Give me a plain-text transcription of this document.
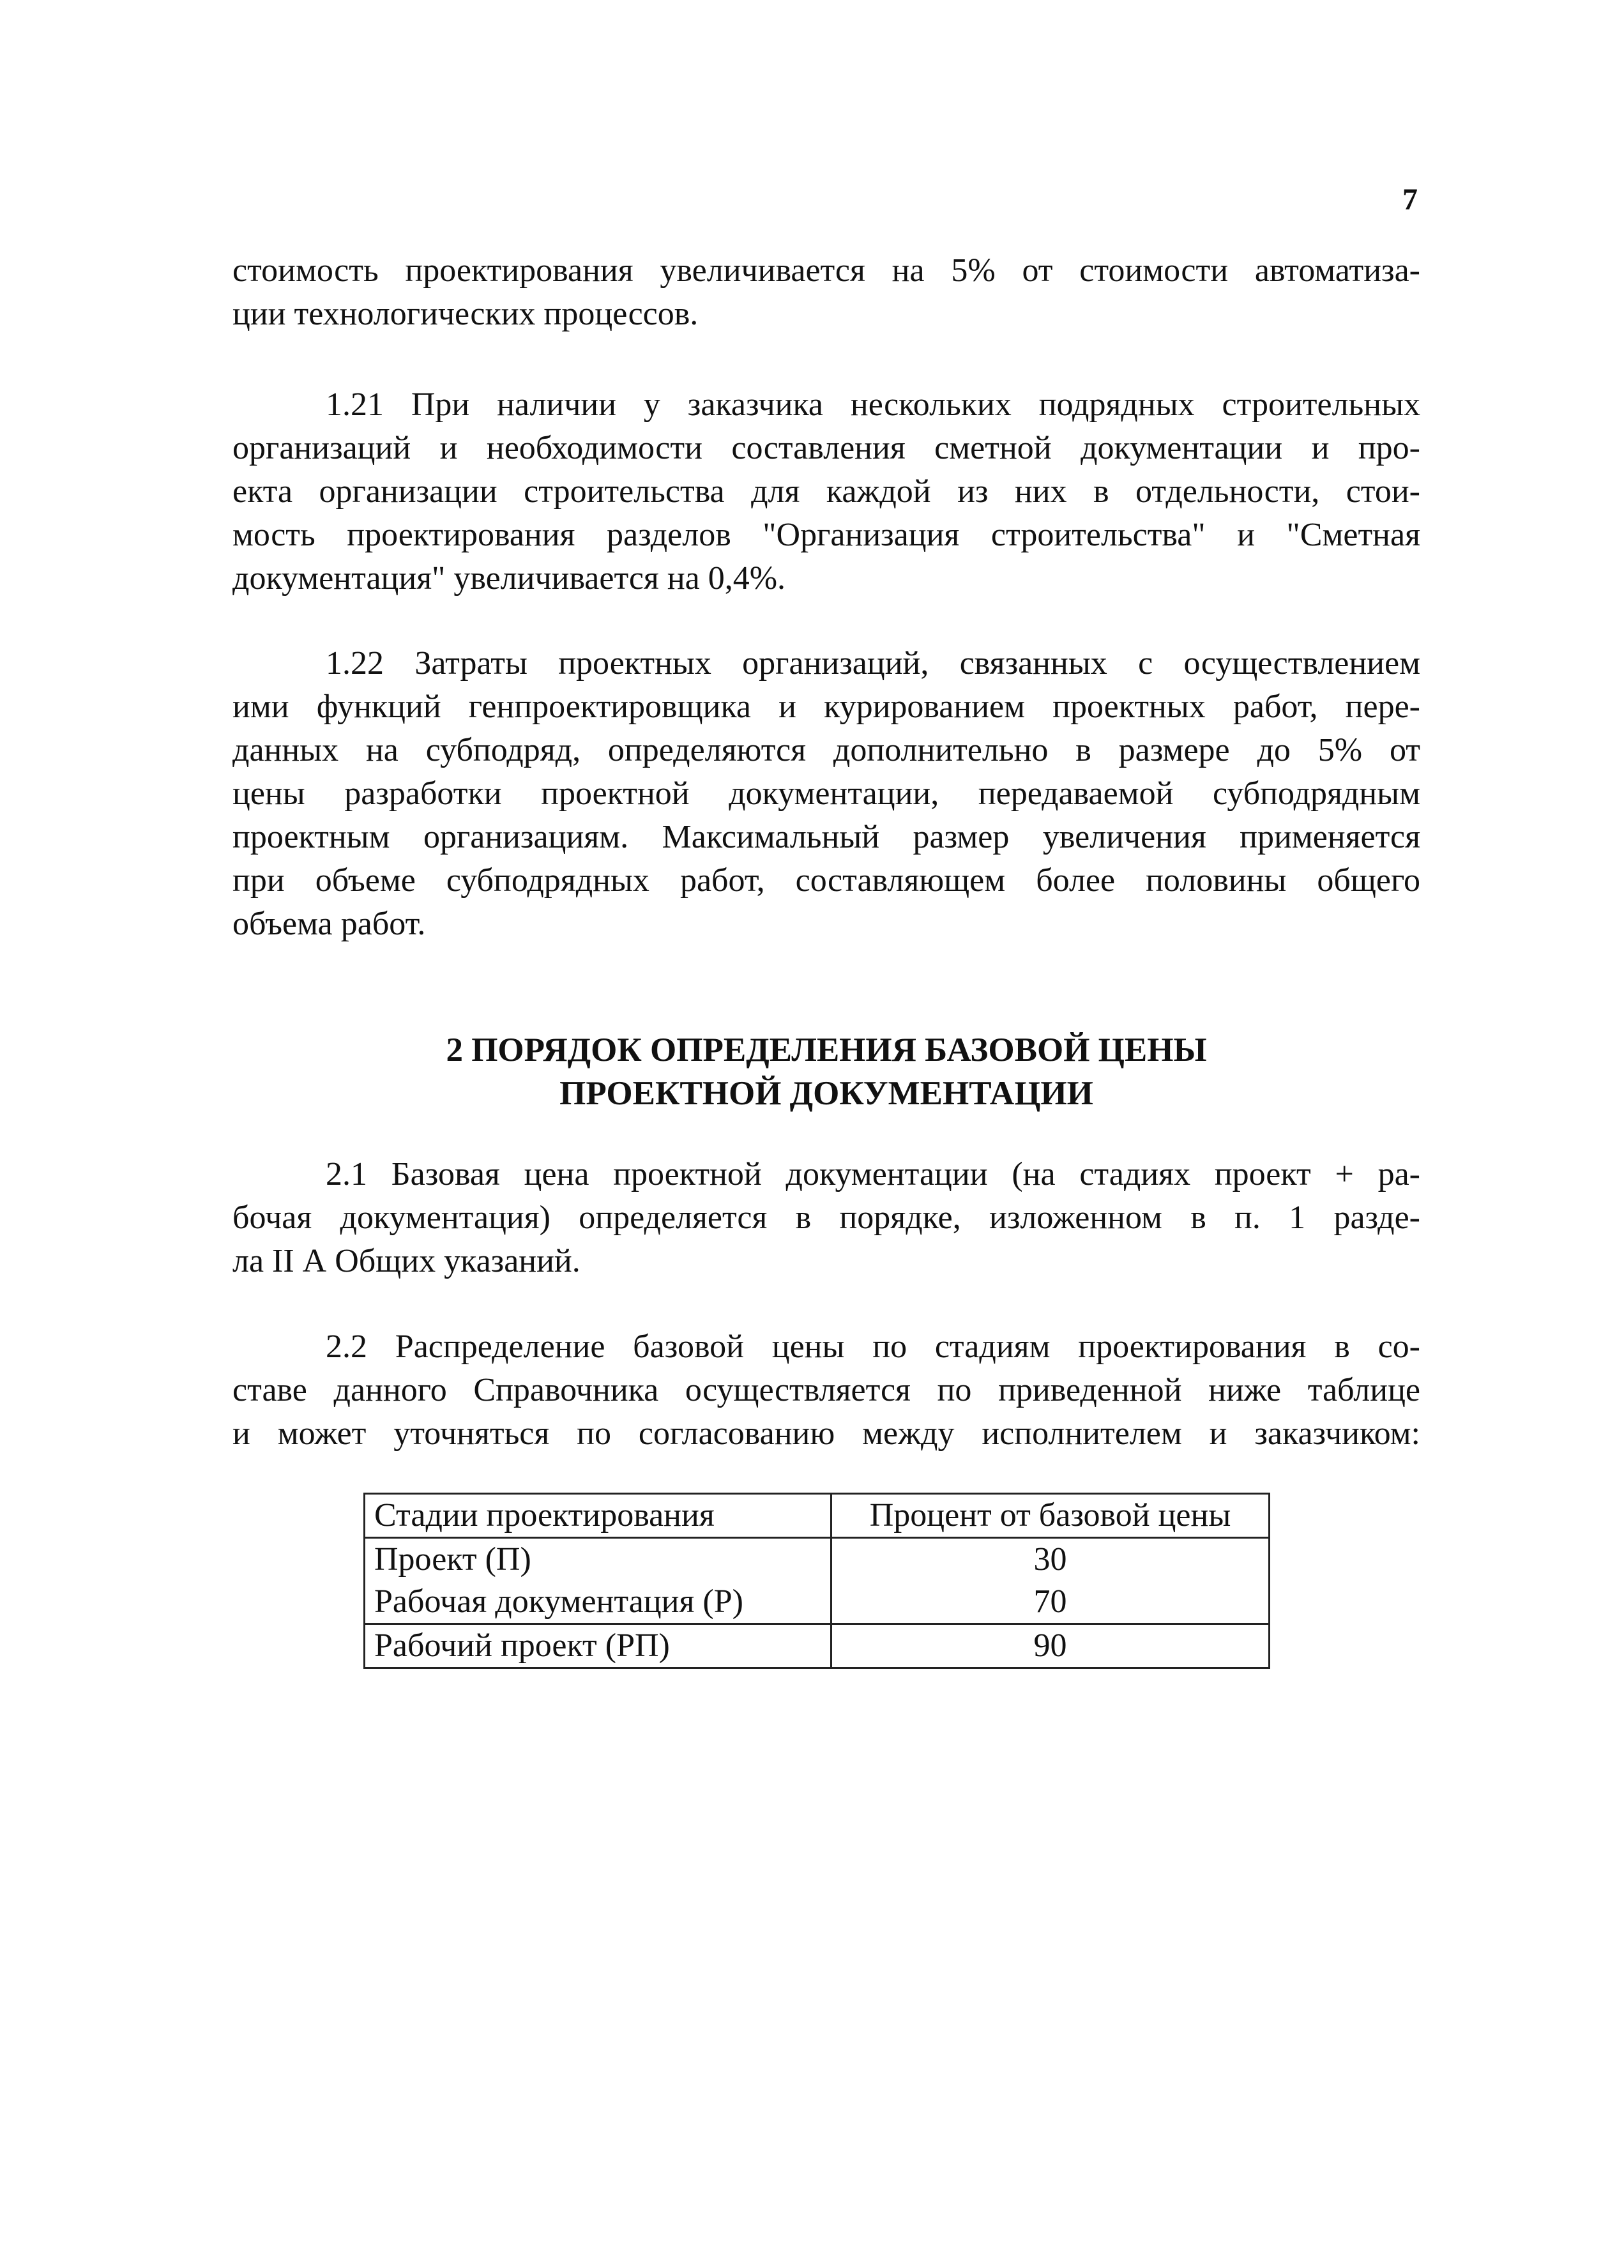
7

стоимость проектирования увеличивается на 5% от стоимости автоматиза-
ции технологических процессов.

1.21 При наличии у заказчика нескольких подрядных строительных
организаций и необходимости составления сметной документации и про-
екта организации строительства для каждой из них в отдельности, стои-
мость проектирования разделов "Организация строительства" и "Сметная
документация" увеличивается на 0,4%.

1.22 Затраты проектных организаций, связанных с осуществлением
ими функций генпроектировщика и курированием проектных работ, пере-
данных на субподряд, определяются дополнительно в размере до 5% от
цены разработки проектной документации, передаваемой субподрядным
проектным организациям. Максимальный размер увеличения применяется
при объеме субподрядных работ, составляющем более половины общего
объема работ.

2 ПОРЯДОК ОПРЕДЕЛЕНИЯ БАЗОВОЙ ЦЕНЫ
ПРОЕКТНОЙ ДОКУМЕНТАЦИИ

2.1 Базовая цена проектной документации (на стадиях проект + ра-
бочая документация) определяется в порядке, изложенном в п. 1 разде-
ла II А Общих указаний.

2.2 Распределение базовой цены по стадиям проектирования в со-
ставе данного Справочника осуществляется по приведенной ниже таблице
и может уточняться по согласованию между исполнителем и заказчиком:

Стадии проектирования	Процент от базовой цены
Проект (П)	30
Рабочая документация (Р)	70
Рабочий проект (РП)	90
